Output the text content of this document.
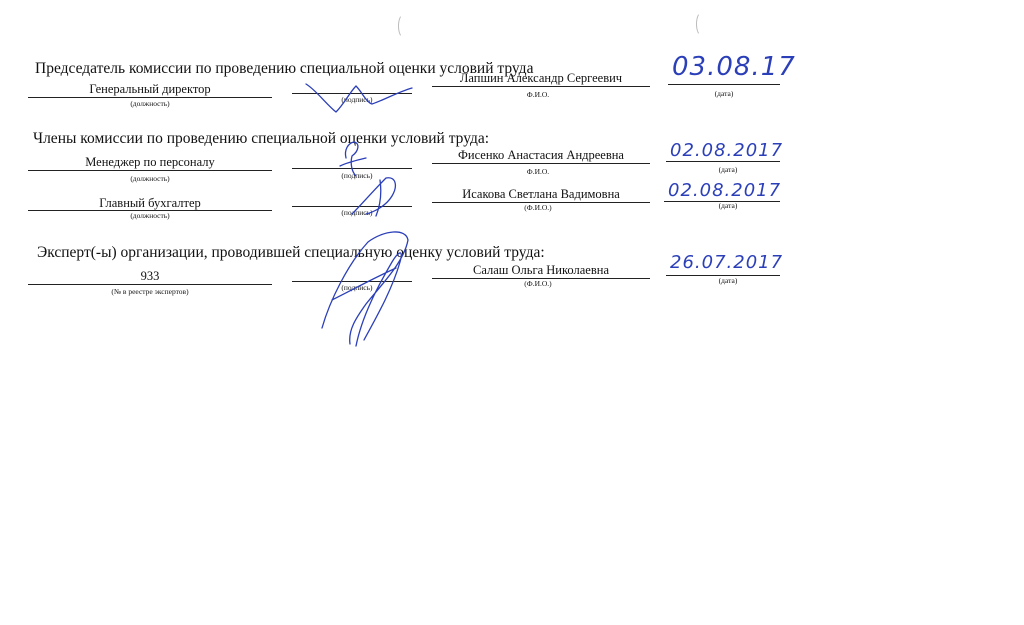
Председатель комиссии по проведению специальной оценки условий труда
Генеральный директор
(должность)	(подпись)
Лапшин Александр Сергеевич
Ф.И.О.
03.08.17
(дата)
Члены комиссии по проведению специальной оценки условий труда:
Менеджер по персоналу
(должность)	(подпись)
Фисенко Анастасия Андреевна
Ф.И.О.
02.08.2017
(дата)
Главный бухгалтер
(должность)	(подпись)
Исакова Светлана Вадимовна
(Ф.И.О.)
02.08.2017
(дата)
Эксперт(-ы) организации, проводившей специальную оценку условий труда:
933
(№ в реестре экспертов)	(подпись)
Салаш Ольга Николаевна
(Ф.И.О.)
26.07.2017
(дата)
